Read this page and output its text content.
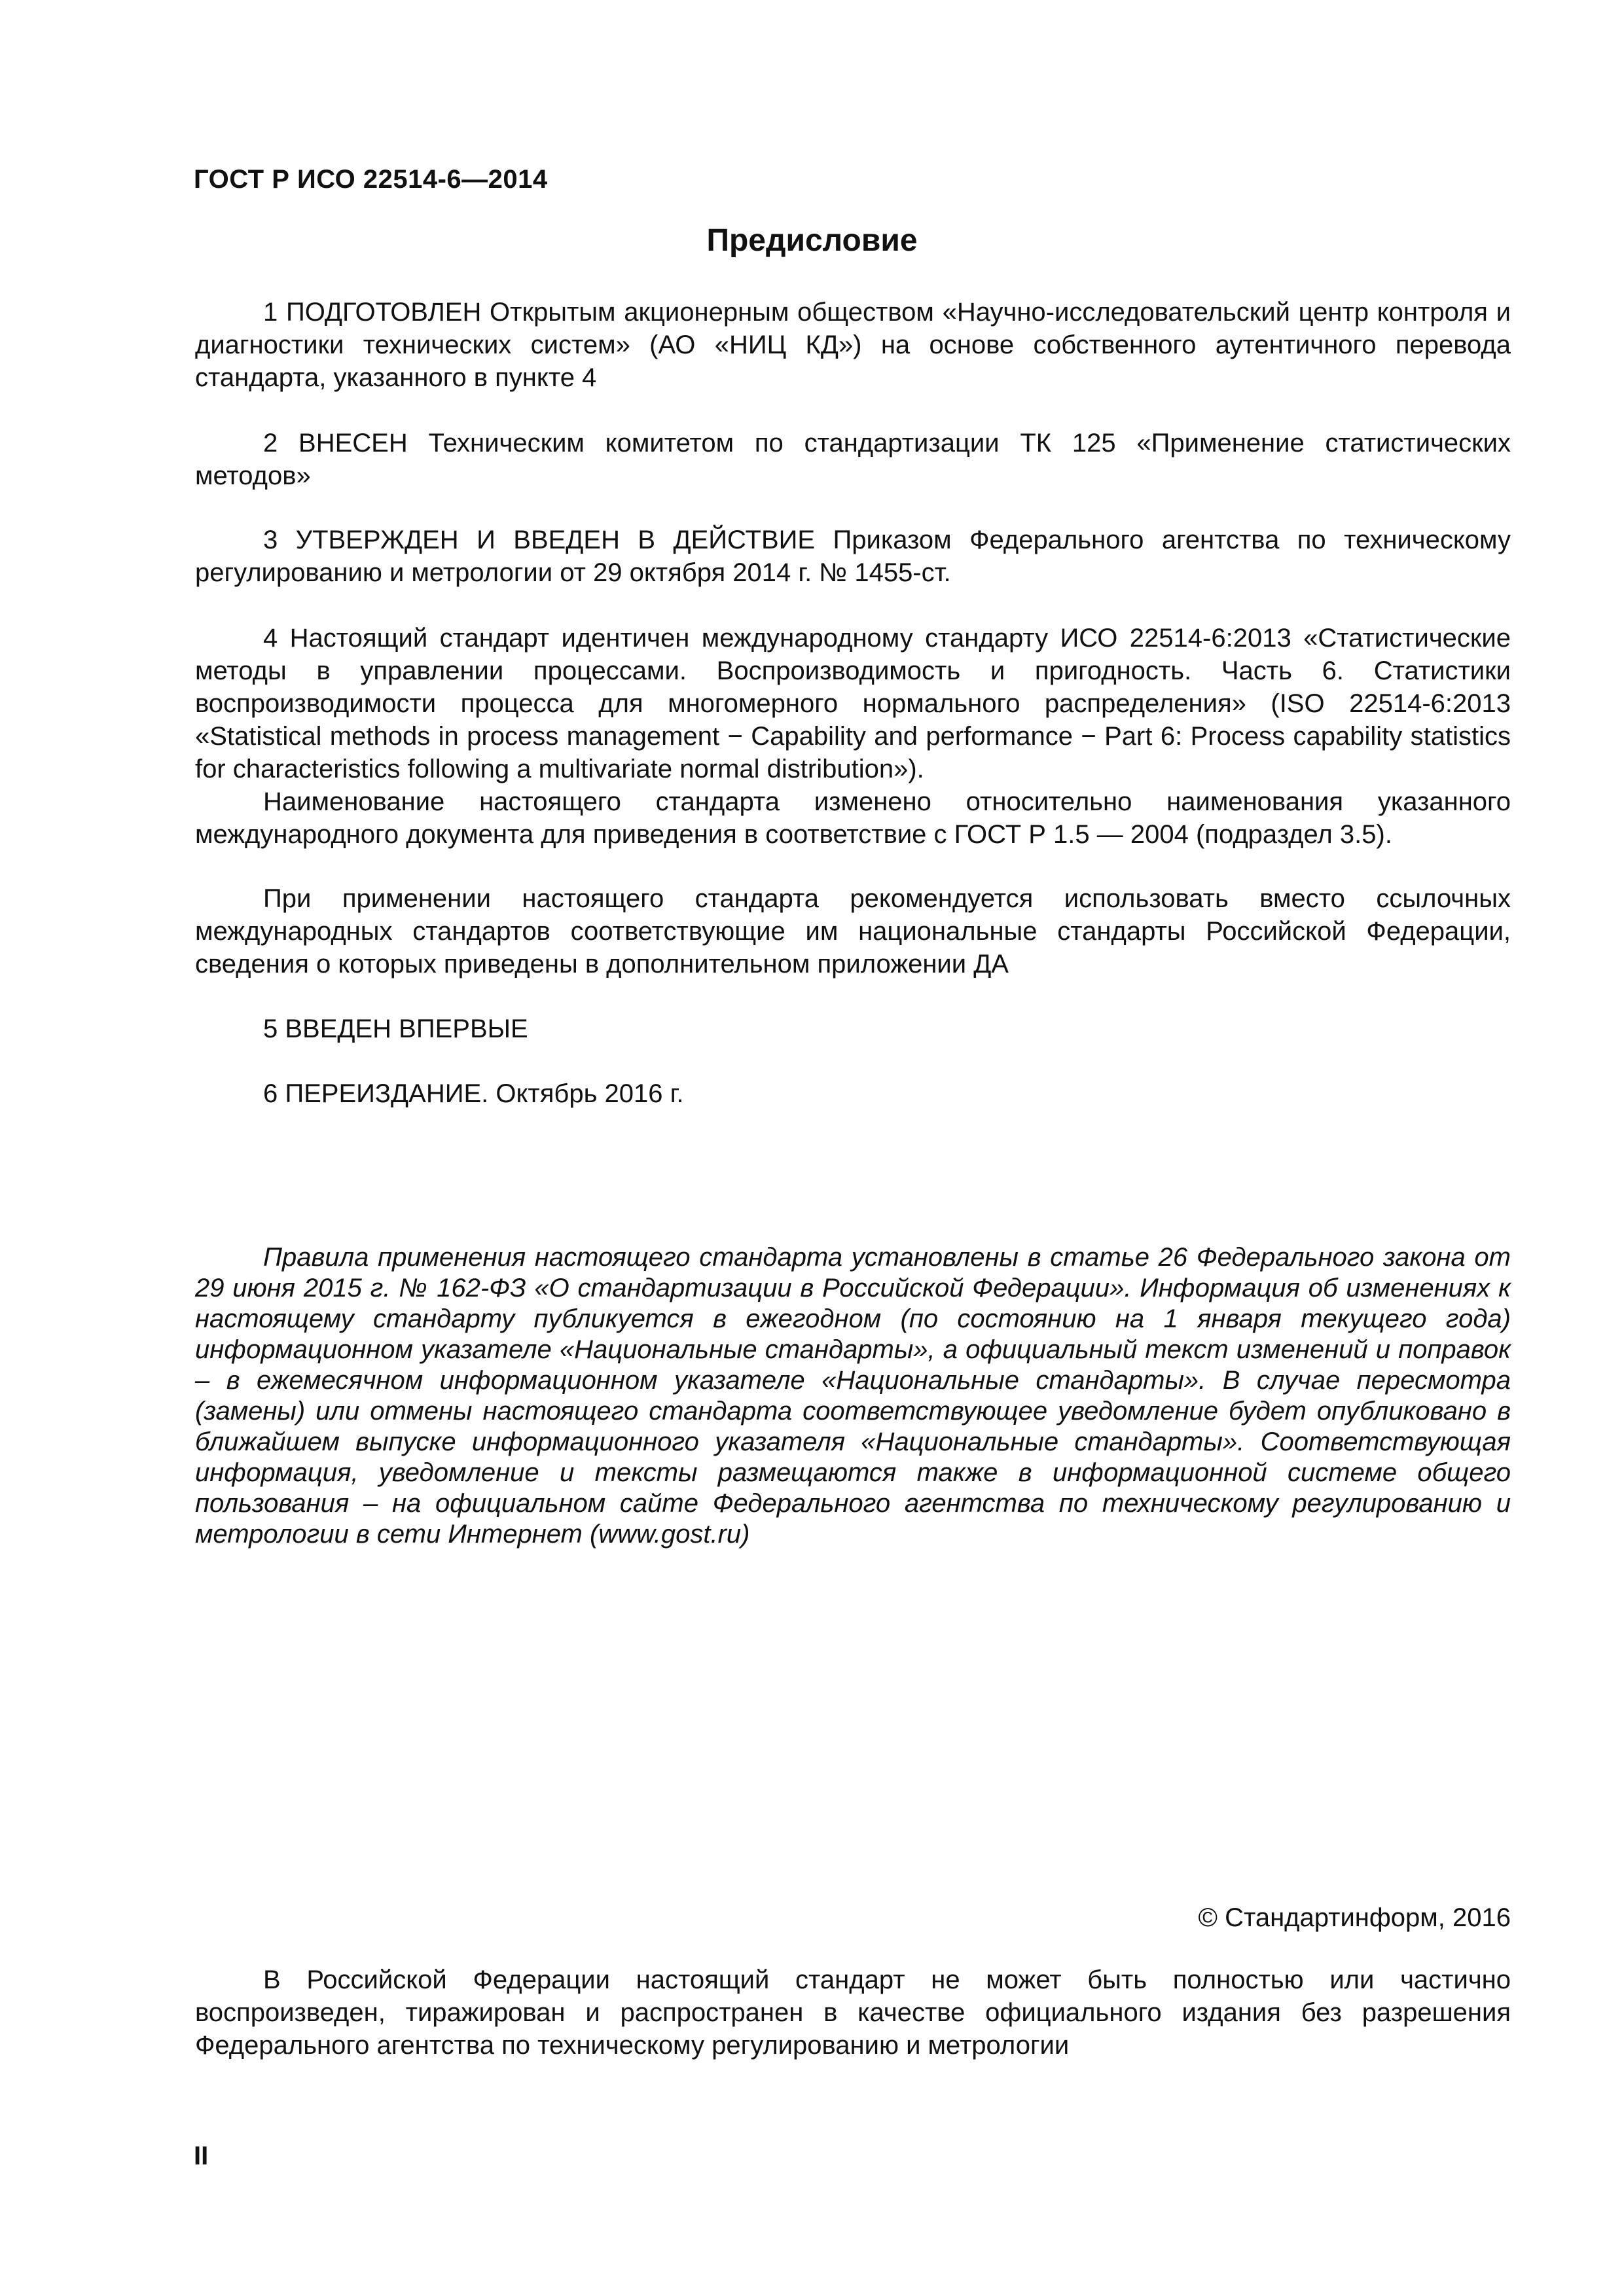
ГОСТ Р ИСО 22514-6—2014
Предисловие

1 ПОДГОТОВЛЕН Открытым акционерным обществом «Научно-исследовательский центр контроля и диагностики технических систем» (АО «НИЦ КД») на основе собственного аутентичного перевода стандарта, указанного в пункте 4

2 ВНЕСЕН Техническим комитетом по стандартизации ТК 125 «Применение статистических методов»

3 УТВЕРЖДЕН И ВВЕДЕН В ДЕЙСТВИЕ Приказом Федерального агентства по техническому регулированию и метрологии от 29 октября 2014 г. № 1455-ст.

4 Настоящий стандарт идентичен международному стандарту ИСО 22514-6:2013 «Статистические методы в управлении процессами. Воспроизводимость и пригодность. Часть 6. Статистики воспроизводимости процесса для многомерного нормального распределения» (ISO 22514-6:2013 «Statistical methods in process management − Capability and performance − Part 6: Process capability statistics for characteristics following a multivariate normal distribution»).

Наименование настоящего стандарта изменено относительно наименования указанного международного документа для приведения в соответствие с ГОСТ Р 1.5 — 2004 (подраздел 3.5).

При применении настоящего стандарта рекомендуется использовать вместо ссылочных международных стандартов соответствующие им национальные стандарты Российской Федерации, сведения о которых приведены в дополнительном приложении ДА

5 ВВЕДЕН ВПЕРВЫЕ

6 ПЕРЕИЗДАНИЕ. Октябрь 2016 г.

Правила применения настоящего стандарта установлены в статье 26 Федерального закона от 29 июня 2015 г. № 162-ФЗ «О стандартизации в Российской Федерации». Информация об изменениях к настоящему стандарту публикуется в ежегодном (по состоянию на 1 января текущего года) информационном указателе «Национальные стандарты», а официальный текст изменений и поправок – в ежемесячном информационном указателе «Национальные стандарты». В случае пересмотра (замены) или отмены настоящего стандарта соответствующее уведомление будет опубликовано в ближайшем выпуске информационного указателя «Национальные стандарты». Соответствующая информация, уведомление и тексты размещаются также в информационной системе общего пользования – на официальном сайте Федерального агентства по техническому регулированию и метрологии в сети Интернет (www.gost.ru)

© Стандартинформ, 2016

В Российской Федерации настоящий стандарт не может быть полностью или частично воспроизведен, тиражирован и распространен в качестве официального издания без разрешения Федерального агентства по техническому регулированию и метрологии

II
